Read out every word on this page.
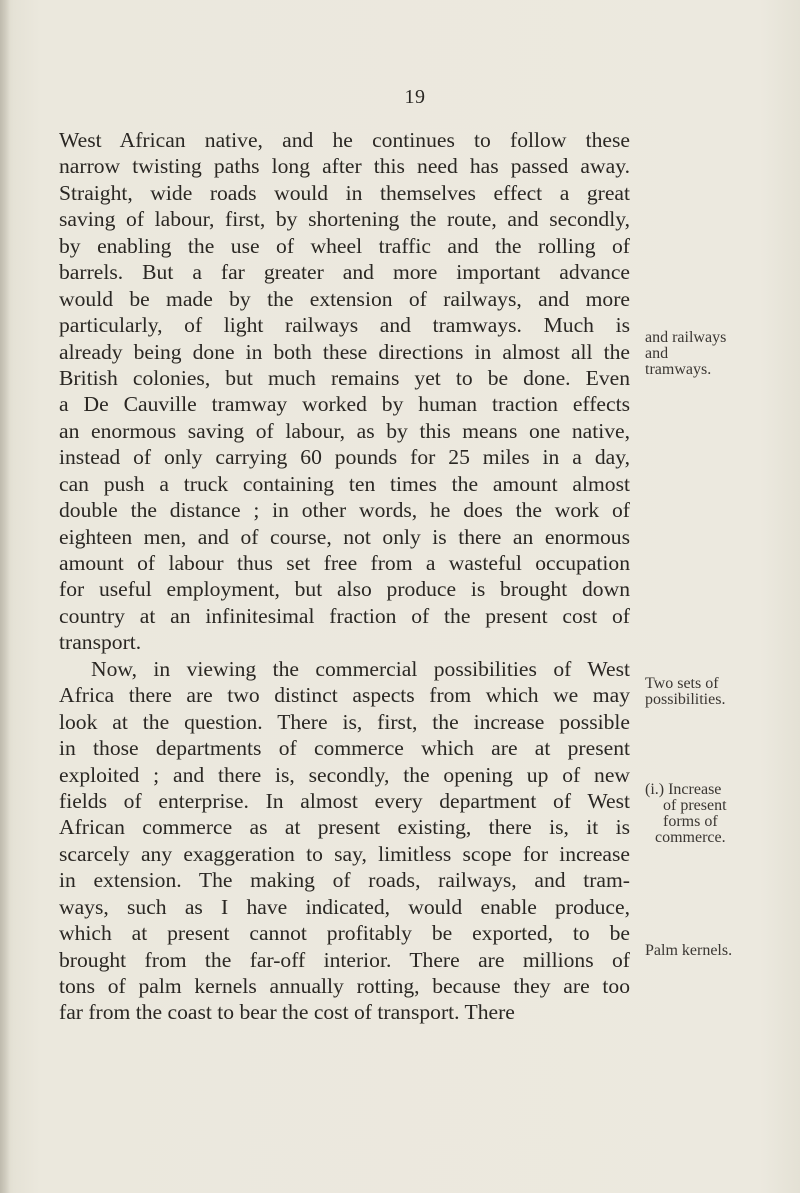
19
West African native, and he continues to follow these
narrow twisting paths long after this need has passed away.
Straight, wide roads would in themselves effect a great
saving of labour, first, by shortening the route, and secondly,
by enabling the use of wheel traffic and the rolling of
barrels. But a far greater and more important advance
would be made by the extension of railways, and more
particularly, of light railways and tramways. Much is
already being done in both these directions in almost all the
British colonies, but much remains yet to be done. Even
a De Cauville tramway worked by human traction effects
an enormous saving of labour, as by this means one native,
instead of only carrying 60 pounds for 25 miles in a day,
can push a truck containing ten times the amount almost
double the distance ; in other words, he does the work of
eighteen men, and of course, not only is there an enormous
amount of labour thus set free from a wasteful occupation
for useful employment, but also produce is brought down
country at an infinitesimal fraction of the present cost of
transport.
Now, in viewing the commercial possibilities of West
Africa there are two distinct aspects from which we may
look at the question. There is, first, the increase possible
in those departments of commerce which are at present
exploited ; and there is, secondly, the opening up of new
fields of enterprise. In almost every department of West
African commerce as at present existing, there is, it is
scarcely any exaggeration to say, limitless scope for increase
in extension. The making of roads, railways, and tram-
ways, such as I have indicated, would enable produce,
which at present cannot profitably be exported, to be
brought from the far-off interior. There are millions of
tons of palm kernels annually rotting, because they are too
far from the coast to bear the cost of transport. There
and railways
and
tramways.
Two sets of
possibilities.
(i.) Increase
of present
forms of
commerce.
Palm kernels.
